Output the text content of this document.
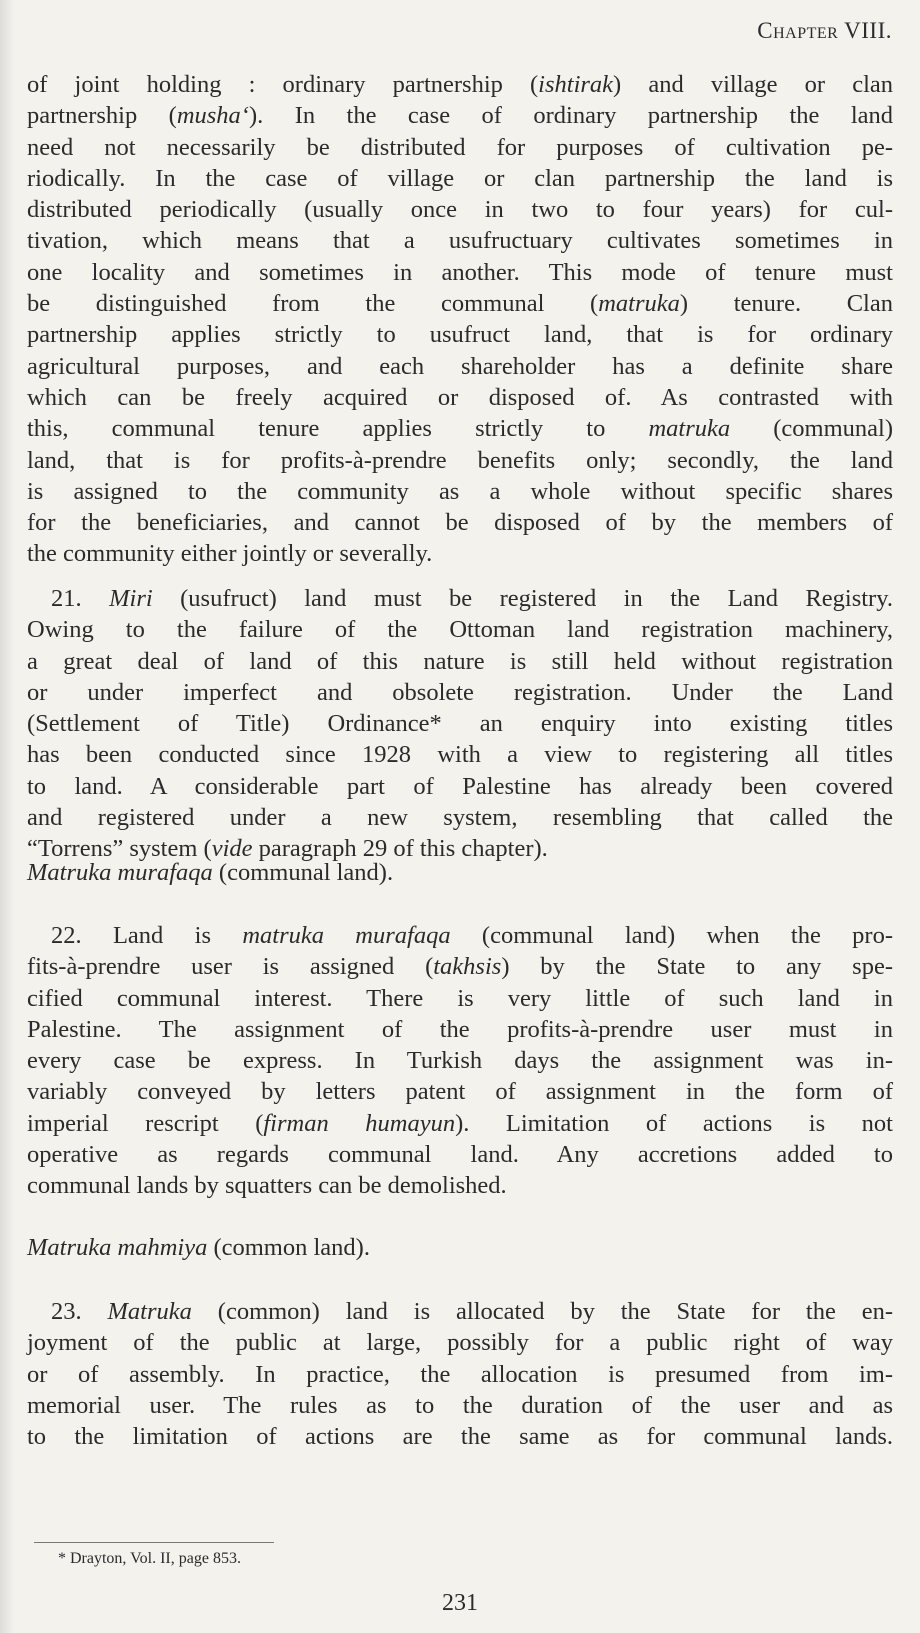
Chapter VIII.
of joint holding : ordinary partnership (ishtirak) and village or clan
partnership (musha‘). In the case of ordinary partnership the land
need not necessarily be distributed for purposes of cultivation pe-
riodically. In the case of village or clan partnership the land is
distributed periodically (usually once in two to four years) for cul-
tivation, which means that a usufructuary cultivates sometimes in
one locality and sometimes in another. This mode of tenure must
be distinguished from the communal (matruka) tenure. Clan
partnership applies strictly to usufruct land, that is for ordinary
agricultural purposes, and each shareholder has a definite share
which can be freely acquired or disposed of. As contrasted with
this, communal tenure applies strictly to matruka (communal)
land, that is for profits-à-prendre benefits only; secondly, the land
is assigned to the community as a whole without specific shares
for the beneficiaries, and cannot be disposed of by the members of
the community either jointly or severally.
21. Miri (usufruct) land must be registered in the Land Registry.
Owing to the failure of the Ottoman land registration machinery,
a great deal of land of this nature is still held without registration
or under imperfect and obsolete registration. Under the Land
(Settlement of Title) Ordinance* an enquiry into existing titles
has been conducted since 1928 with a view to registering all titles
to land. A considerable part of Palestine has already been covered
and registered under a new system, resembling that called the
“Torrens” system (vide paragraph 29 of this chapter).
Matruka murafaqa (communal land).
22. Land is matruka murafaqa (communal land) when the pro-
fits-à-prendre user is assigned (takhsis) by the State to any spe-
cified communal interest. There is very little of such land in
Palestine. The assignment of the profits-à-prendre user must in
every case be express. In Turkish days the assignment was in-
variably conveyed by letters patent of assignment in the form of
imperial rescript (firman humayun). Limitation of actions is not
operative as regards communal land. Any accretions added to
communal lands by squatters can be demolished.
Matruka mahmiya (common land).
23. Matruka (common) land is allocated by the State for the en-
joyment of the public at large, possibly for a public right of way
or of assembly. In practice, the allocation is presumed from im-
memorial user. The rules as to the duration of the user and as
to the limitation of actions are the same as for communal lands.
* Drayton, Vol. II, page 853.
231
